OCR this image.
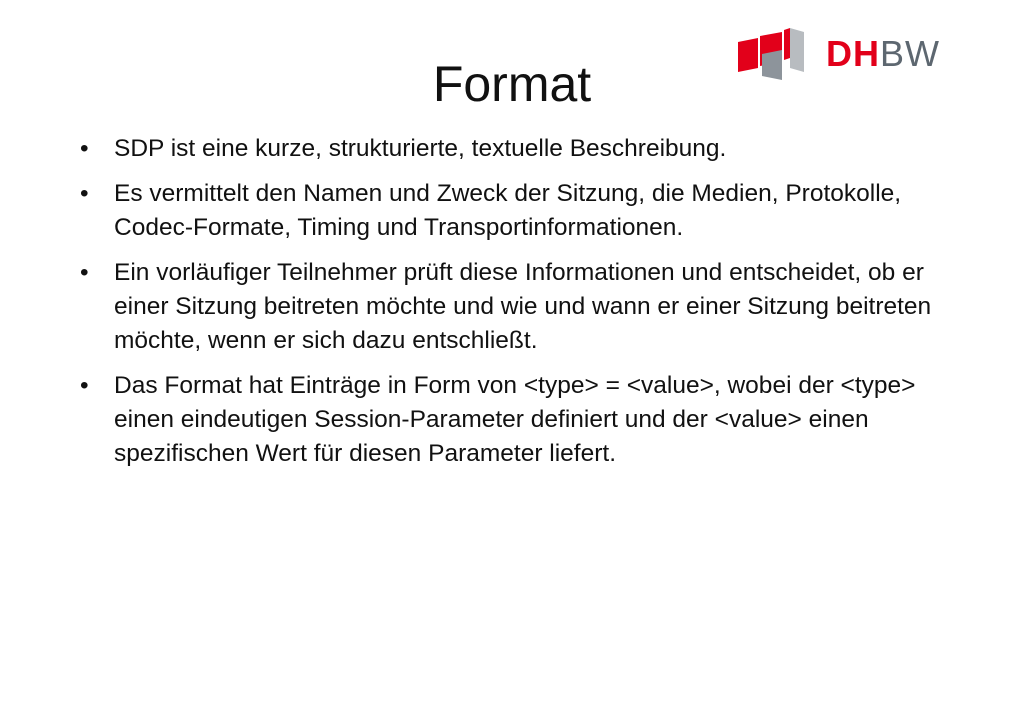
DHBW
Format
•	SDP ist eine kurze, strukturierte, textuelle Beschreibung.
•	Es vermittelt den Namen und Zweck der Sitzung, die Medien, Protokolle, Codec-Formate, Timing und Transportinformationen.
•	Ein vorläufiger Teilnehmer prüft diese Informationen und entscheidet, ob er einer Sitzung beitreten möchte und wie und wann er einer Sitzung beitreten möchte, wenn er sich dazu entschließt.
•	Das Format hat Einträge in Form von <type> = <value>, wobei der <type> einen eindeutigen Session-Parameter definiert und der <value> einen spezifischen Wert für diesen Parameter liefert.
